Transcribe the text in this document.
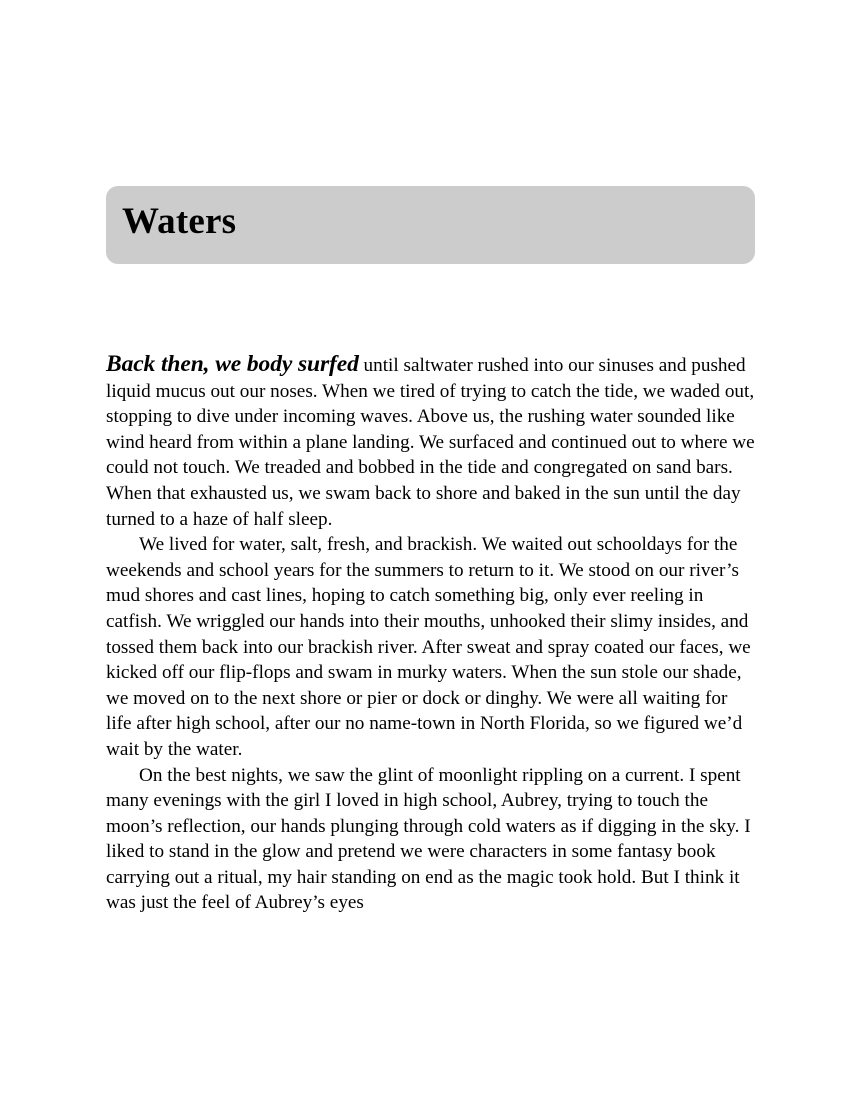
Waters

Back then, we body surfed until saltwater rushed into our sinuses and pushed liquid mucus out our noses. When we tired of trying to catch the tide, we waded out, stopping to dive under incoming waves. Above us, the rushing water sounded like wind heard from within a plane landing. We surfaced and continued out to where we could not touch. We treaded and bobbed in the tide and congregated on sand bars. When that exhausted us, we swam back to shore and baked in the sun until the day turned to a haze of half sleep.

We lived for water, salt, fresh, and brackish. We waited out schooldays for the weekends and school years for the summers to return to it. We stood on our river’s mud shores and cast lines, hoping to catch something big, only ever reeling in catfish. We wriggled our hands into their mouths, unhooked their slimy insides, and tossed them back into our brackish river. After sweat and spray coated our faces, we kicked off our flip-flops and swam in murky waters. When the sun stole our shade, we moved on to the next shore or pier or dock or dinghy. We were all waiting for life after high school, after our no name-town in North Florida, so we figured we’d wait by the water.

On the best nights, we saw the glint of moonlight rippling on a current. I spent many evenings with the girl I loved in high school, Aubrey, trying to touch the moon’s reflection, our hands plunging through cold waters as if digging in the sky. I liked to stand in the glow and pretend we were characters in some fantasy book carrying out a ritual, my hair standing on end as the magic took hold. But I think it was just the feel of Aubrey’s eyes
